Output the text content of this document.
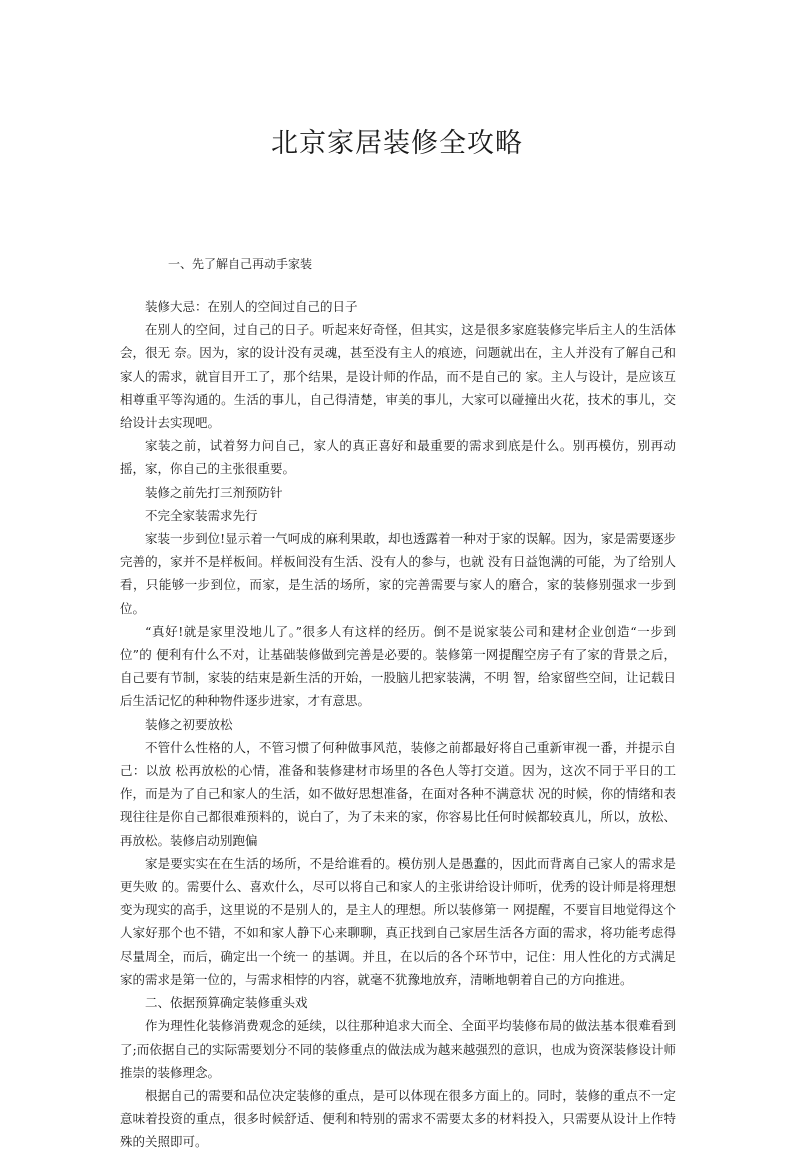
北京家居装修全攻略
一、先了解自己再动手家装

装修大忌：在别人的空间过自己的日子

在别人的空间，过自己的日子。听起来好奇怪，但其实，这是很多家庭装修完毕后主人的生活体会，很无 奈。因为，家的设计没有灵魂，甚至没有主人的痕迹，问题就出在，主人并没有了解自己和家人的需求，就盲目开工了，那个结果，是设计师的作品，而不是自己的 家。主人与设计，是应该互相尊重平等沟通的。生活的事儿，自己得清楚，审美的事儿，大家可以碰撞出火花，技术的事儿，交给设计去实现吧。

家装之前，试着努力问自己，家人的真正喜好和最重要的需求到底是什么。别再模仿，别再动摇，家，你自己的主张很重要。

装修之前先打三剂预防针

不完全家装需求先行

家装一步到位!显示着一气呵成的麻利果敢，却也透露着一种对于家的误解。因为，家是需要逐步完善的，家并不是样板间。样板间没有生活、没有人的参与，也就 没有日益饱满的可能，为了给别人看，只能够一步到位，而家，是生活的场所，家的完善需要与家人的磨合，家的装修别强求一步到位。

“真好!就是家里没地儿了。”很多人有这样的经历。倒不是说家装公司和建材企业创造“一步到位”的 便利有什么不对，让基础装修做到完善是必要的。装修第一网提醒空房子有了家的背景之后，自己要有节制，家装的结束是新生活的开始，一股脑儿把家装满，不明 智，给家留些空间，让记载日后生活记忆的种种物件逐步进家，才有意思。

装修之初要放松

不管什么性格的人，不管习惯了何种做事风范，装修之前都最好将自己重新审视一番，并提示自己：以放 松再放松的心情，准备和装修建材市场里的各色人等打交道。因为，这次不同于平日的工作，而是为了自己和家人的生活，如不做好思想准备，在面对各种不满意状 况的时候，你的情绪和表现往往是你自己都很难预料的，说白了，为了未来的家，你容易比任何时候都较真儿，所以，放松、再放松。装修启动别跑偏

家是要实实在在生活的场所，不是给谁看的。模仿别人是愚蠢的，因此而背离自己家人的需求是更失败 的。需要什么、喜欢什么，尽可以将自己和家人的主张讲给设计师听，优秀的设计师是将理想变为现实的高手，这里说的不是别人的，是主人的理想。所以装修第一 网提醒，不要盲目地觉得这个人家好那个也不错，不如和家人静下心来聊聊，真正找到自己家居生活各方面的需求，将功能考虑得尽量周全，而后，确定出一个统一 的基调。并且，在以后的各个环节中，记住：用人性化的方式满足家的需求是第一位的，与需求相悖的内容，就毫不犹豫地放弃，清晰地朝着自己的方向推进。

二、依据预算确定装修重头戏

作为理性化装修消费观念的延续，以往那种追求大而全、全面平均装修布局的做法基本很难看到了;而依据自己的实际需要划分不同的装修重点的做法成为越来越强烈的意识，也成为资深装修设计师推崇的装修理念。

根据自己的需要和品位决定装修的重点，是可以体现在很多方面上的。同时，装修的重点不一定意味着投资的重点，很多时候舒适、便利和特别的需求不需要太多的材料投入，只需要从设计上作特殊的关照即可。
